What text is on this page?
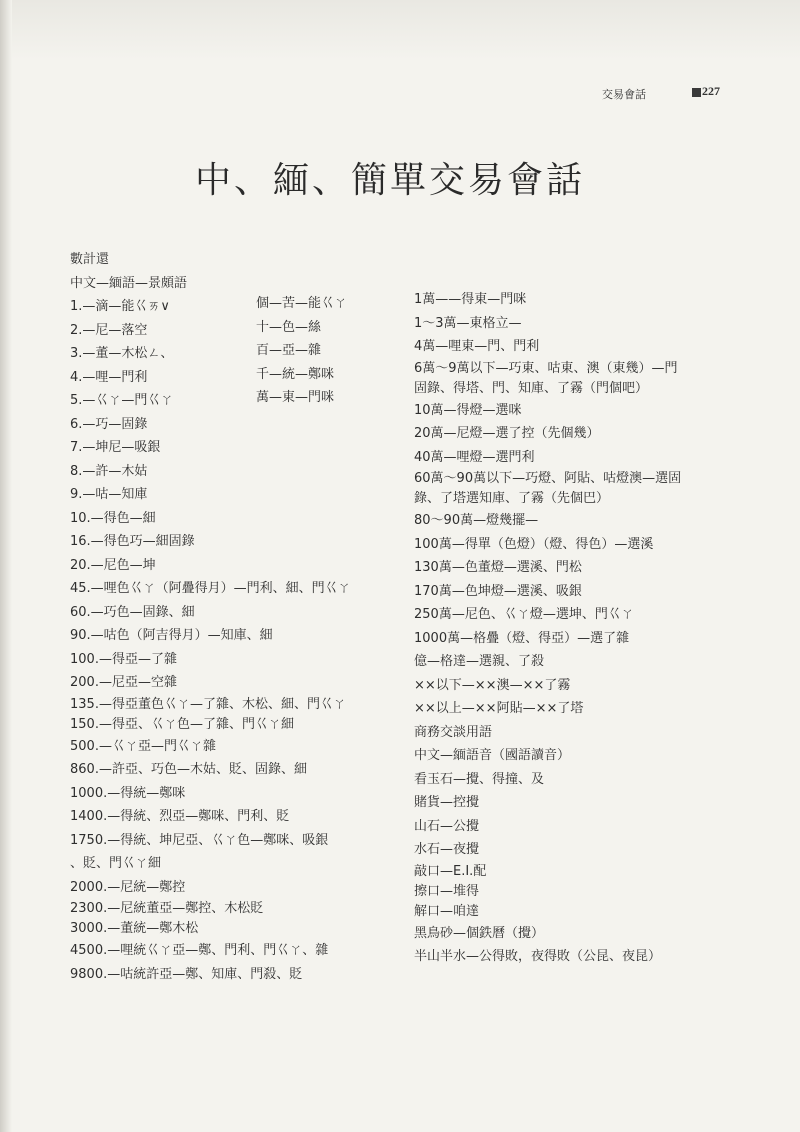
交易會話	227
中、緬、簡單交易會話
數計還
中文—緬語—景頗語
1.—滴—能巜ㄞ∨
2.—尼—落空
3.—董—木松ㄥ、
4.—哩—門利
5.—巜ㄚ—門巜ㄚ
6.—巧—固錄
7.—坤尼—吸銀
8.—許—木姑
9.—咕—知庫
10.—得色—細
16.—得色巧—細固錄
20.—尼色—坤
45.—哩色巜ㄚ（阿疊得月）—門利、細、門巜ㄚ
60.—巧色—固錄、細
90.—咕色（阿吉得月）—知庫、細
100.—得亞—了雜
200.—尼亞—空雜
135.—得亞董色巜ㄚ—了雜、木松、細、門巜ㄚ
150.—得亞、巜ㄚ色—了雜、門巜ㄚ細
500.—巜ㄚ亞—門巜ㄚ雜
860.—許亞、巧色—木姑、貶、固錄、細
1000.—得統—鄭咪
1400.—得統、烈亞—鄭咪、門利、貶
1750.—得統、坤尼亞、巜ㄚ色—鄭咪、吸銀
、貶、門巜ㄚ細
2000.—尼統—鄭控
2300.—尼統董亞—鄭控、木松貶
3000.—董統—鄭木松
4500.—哩統巜ㄚ亞—鄭、門利、門巜ㄚ、雜
9800.—咕統許亞—鄭、知庫、門殺、貶
個—苦—能巜ㄚ
十—色—絲
百—亞—雜
千—統—鄭咪
萬—東—門咪
1萬——得東—門咪
1～3萬—東格立—
4萬—哩東—門、門利
6萬～9萬以下—巧東、咕東、澳（東幾）—門
固錄、得塔、門、知庫、了霧（門個吧）
10萬—得燈—選咪
20萬—尼燈—選了控（先個幾）
40萬—哩燈—選門利
60萬～90萬以下—巧燈、阿貼、咕燈澳—選固
錄、了塔選知庫、了霧（先個巴）
80～90萬—燈幾擺—
100萬—得單（色燈）（燈、得色）—選溪
130萬—色董燈—選溪、門松
170萬—色坤燈—選溪、吸銀
250萬—尼色、巜ㄚ燈—選坤、門巜ㄚ
1000萬—格疊（燈、得亞）—選了雜
億—格達—選親、了殺
××以下—××澳—××了霧
××以上—××阿貼—××了塔
商務交談用語
中文—緬語音（國語讀音）
看玉石—攪、得撞、及
賭貨—控攪
山石—公攪
水石—夜攪
敲口—E.I.配
擦口—堆得
解口—咱達
黑鳥砂—個鉄曆（攪）
半山半水—公得敗，夜得敗（公昆、夜昆）
